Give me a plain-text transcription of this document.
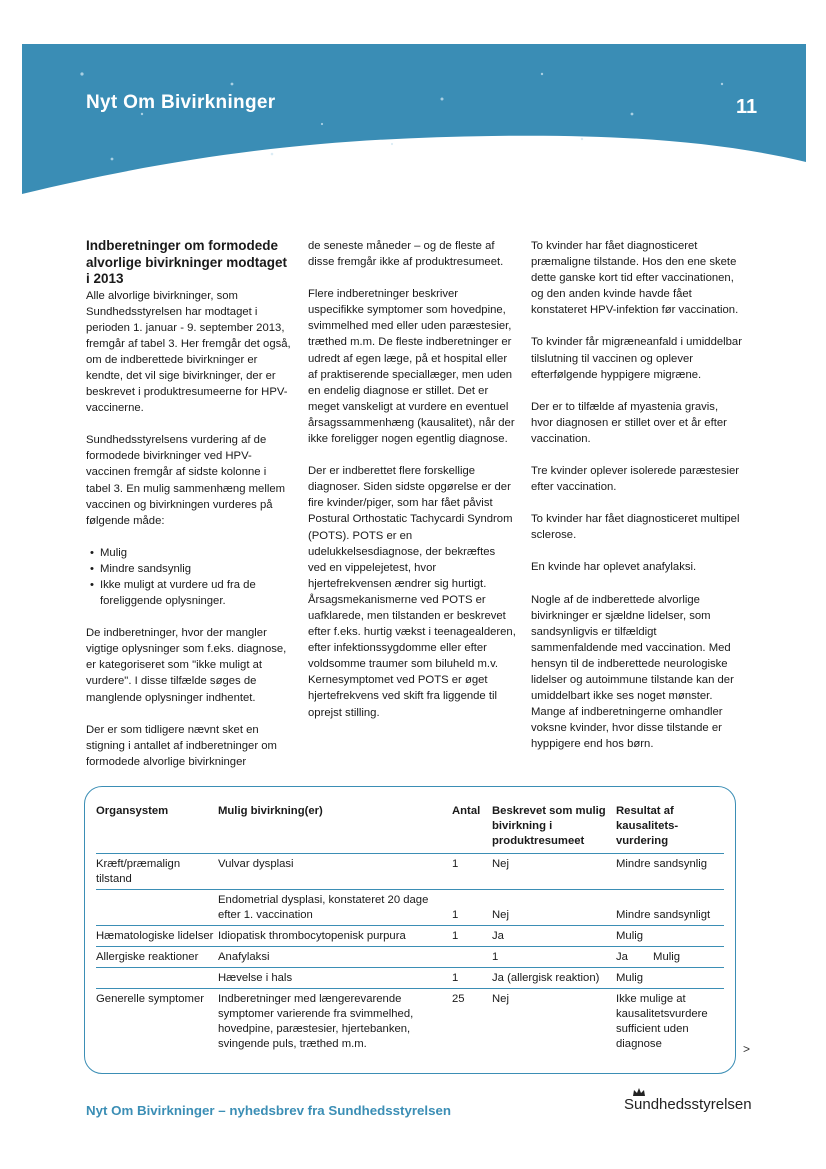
Nyt Om Bivirkninger	11
Indberetninger om formodede alvorlige bivirkninger modtaget i 2013

Alle alvorlige bivirkninger, som Sundhedsstyrelsen har modtaget i perioden 1. januar - 9. september 2013, fremgår af tabel 3. Her fremgår det også, om de indberettede bivirkninger er kendte, det vil sige bivirkninger, der er beskrevet i produktresumeerne for HPV-vaccinerne.

Sundhedsstyrelsens vurdering af de formodede bivirkninger ved HPV-vaccinen fremgår af sidste kolonne i tabel 3. En mulig sammenhæng mellem vaccinen og bivirkningen vurderes på følgende måde:

• Mulig
• Mindre sandsynlig
• Ikke muligt at vurdere ud fra de foreliggende oplysninger.

De indberetninger, hvor der mangler vigtige oplysninger som f.eks. diagnose, er kategoriseret som "ikke muligt at vurdere". I disse tilfælde søges de manglende oplysninger indhentet.

Der er som tidligere nævnt sket en stigning i antallet af indberetninger om formodede alvorlige bivirkninger

de seneste måneder – og de fleste af disse fremgår ikke af produktresumeet.

Flere indberetninger beskriver uspecifikke symptomer som hovedpine, svimmelhed med eller uden paræstesier, træthed m.m. De fleste indberetninger er udredt af egen læge, på et hospital eller af praktiserende speciallæger, men uden en endelig diagnose er stillet. Det er meget vanskeligt at vurdere en eventuel årsagssammenhæng (kausalitet), når der ikke foreligger nogen egentlig diagnose.

Der er indberettet flere forskellige diagnoser. Siden sidste opgørelse er der fire kvinder/piger, som har fået påvist Postural Orthostatic Tachycardi Syndrom (POTS). POTS er en udelukkelsesdiagnose, der bekræftes ved en vippelejetest, hvor hjertefrekvensen ændrer sig hurtigt. Årsagsmekanismerne ved POTS er uafklarede, men tilstanden er beskrevet efter f.eks. hurtig vækst i teenagealderen, efter infektionssygdomme eller efter voldsomme traumer som biluheld m.v. Kernesymptomet ved POTS er øget hjertefrekvens ved skift fra liggende til oprejst stilling.

To kvinder har fået diagnosticeret præmaligne tilstande. Hos den ene skete dette ganske kort tid efter vaccinationen, og den anden kvinde havde fået konstateret HPV-infektion før vaccination.

To kvinder får migræneanfald i umiddelbar tilslutning til vaccinen og oplever efterfølgende hyppigere migræne.

Der er to tilfælde af myastenia gravis, hvor diagnosen er stillet over et år efter vaccination.

Tre kvinder oplever isolerede paræstesier efter vaccination.

To kvinder har fået diagnosticeret multipel sclerose.

En kvinde har oplevet anafylaksi.

Nogle af de indberettede alvorlige bivirkninger er sjældne lidelser, som sandsynligvis er tilfældigt sammenfaldende med vaccination. Med hensyn til de indberettede neurologiske lidelser og autoimmune tilstande kan der umiddelbart ikke ses noget mønster. Mange af indberetningerne omhandler voksne kvinder, hvor disse tilstande er hyppigere end hos børn.

Organsystem	Mulig bivirkning(er)	Antal	Beskrevet som mulig bivirkning i produktresumeet	Resultat af kausalitets-vurdering
Kræft/præmalign tilstand	Vulvar dysplasi	1	Nej	Mindre sandsynlig
	Endometrial dysplasi, konstateret 20 dage efter 1. vaccination	1	Nej	Mindre sandsynligt
Hæmatologiske lidelser	Idiopatisk thrombocytopenisk purpura	1	Ja	Mulig
Allergiske reaktioner	Anafylaksi		1	Ja        Mulig
	Hævelse i hals	1	Ja (allergisk reaktion)	Mulig
Generelle symptomer	Indberetninger med længerevarende symptomer varierende fra svimmelhed, hovedpine, paræstesier, hjertebanken, svingende puls, træthed m.m.	25	Nej	Ikke mulige at kausalitetsvurdere sufficient uden diagnose	>
Nyt Om Bivirkninger – nyhedsbrev fra Sundhedsstyrelsen	Sundhedsstyrelsen
